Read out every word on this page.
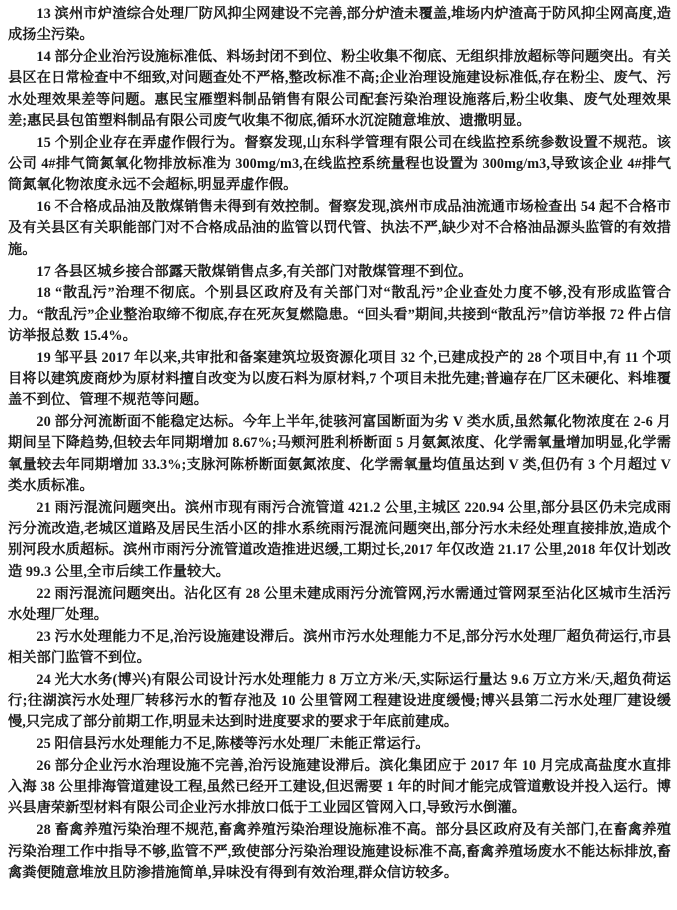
13 滨州市炉渣综合处理厂防风抑尘网建设不完善,部分炉渣未覆盖,堆场内炉渣高于防风抑尘网高度,造成扬尘污染。

14 部分企业治污设施标准低、料场封闭不到位、粉尘收集不彻底、无组织排放超标等问题突出。有关县区在日常检查中不细致,对问题查处不严格,整改标准不高;企业治理设施建设标准低,存在粉尘、废气、污水处理效果差等问题。惠民宝雁塑料制品销售有限公司配套污染治理设施落后,粉尘收集、废气处理效果差;惠民县包笛塑料制品有限公司废气收集不彻底,循环水沉淀随意堆放、遗撒明显。

15 个别企业存在弄虚作假行为。督察发现,山东科学管理有限公司在线监控系统参数设置不规范。该公司 4#排气筒氮氧化物排放标准为 300mg/m3,在线监控系统量程也设置为 300mg/m3,导致该企业 4#排气筒氮氧化物浓度永远不会超标,明显弄虚作假。

16 不合格成品油及散煤销售未得到有效控制。督察发现,滨州市成品油流通市场检查出 54 起不合格市及有关县区有关职能部门对不合格成品油的监管以罚代管、执法不严,缺少对不合格油品源头监管的有效措施。

17 各县区城乡接合部露天散煤销售点多,有关部门对散煤管理不到位。

18 “散乱污”治理不彻底。个别县区政府及有关部门对“散乱污”企业查处力度不够,没有形成监管合力。“散乱污”企业整治取缔不彻底,存在死灰复燃隐患。“回头看”期间,共接到“散乱污”信访举报 72 件占信访举报总数 15.4%。

19 邹平县 2017 年以来,共审批和备案建筑垃圾资源化项目 32 个,已建成投产的 28 个项目中,有 11 个项目将以建筑废商炒为原材料擅自改变为以废石料为原材料,7 个项目未批先建;普遍存在厂区未硬化、料堆覆盖不到位、管理不规范等问题。

20 部分河流断面不能稳定达标。今年上半年,徒骇河富国断面为劣 V 类水质,虽然氟化物浓度在 2-6 月期间呈下降趋势,但较去年同期增加 8.67%;马颊河胜利桥断面 5 月氨氮浓度、化学需氧量增加明显,化学需氧量较去年同期增加 33.3%;支脉河陈桥断面氨氮浓度、化学需氧量均值虽达到 V 类,但仍有 3 个月超过 V 类水质标准。

21 雨污混流问题突出。滨州市现有雨污合流管道 421.2 公里,主城区 220.94 公里,部分县区仍未完成雨污分流改造,老城区道路及居民生活小区的排水系统雨污混流问题突出,部分污水未经处理直接排放,造成个别河段水质超标。滨州市雨污分流管道改造推进迟缓,工期过长,2017 年仅改造 21.17 公里,2018 年仅计划改造 99.3 公里,全市后续工作量较大。

22 雨污混流问题突出。沾化区有 28 公里未建成雨污分流管网,污水需通过管网泵至沾化区城市生活污水处理厂处理。

23 污水处理能力不足,治污设施建设滞后。滨州市污水处理能力不足,部分污水处理厂超负荷运行,市县相关部门监管不到位。

24 光大水务(博兴)有限公司设计污水处理能力 8 万立方米/天,实际运行量达 9.6 万立方米/天,超负荷运行;往湖滨污水处理厂转移污水的暂存池及 10 公里管网工程建设进度缓慢;博兴县第二污水处理厂建设缓慢,只完成了部分前期工作,明显未达到时进度要求的要求于年底前建成。

25 阳信县污水处理能力不足,陈楼等污水处理厂未能正常运行。

26 部分企业污水治理设施不完善,治污设施建设滞后。滨化集团应于 2017 年 10 月完成高盐度水直排入海 38 公里排海管道建设工程,虽然已经开工建设,但迟需要 1 年的时间才能完成管道敷设并投入运行。博兴县唐荣新型材料有限公司企业污水排放口低于工业园区管网入口,导致污水倒灌。

28 畜禽养殖污染治理不规范,畜禽养殖污染治理设施标准不高。部分县区政府及有关部门,在畜禽养殖污染治理工作中指导不够,监管不严,致使部分污染治理设施建设标准不高,畜禽养殖场废水不能达标排放,畜禽粪便随意堆放且防渗措施简单,异味没有得到有效治理,群众信访较多。
